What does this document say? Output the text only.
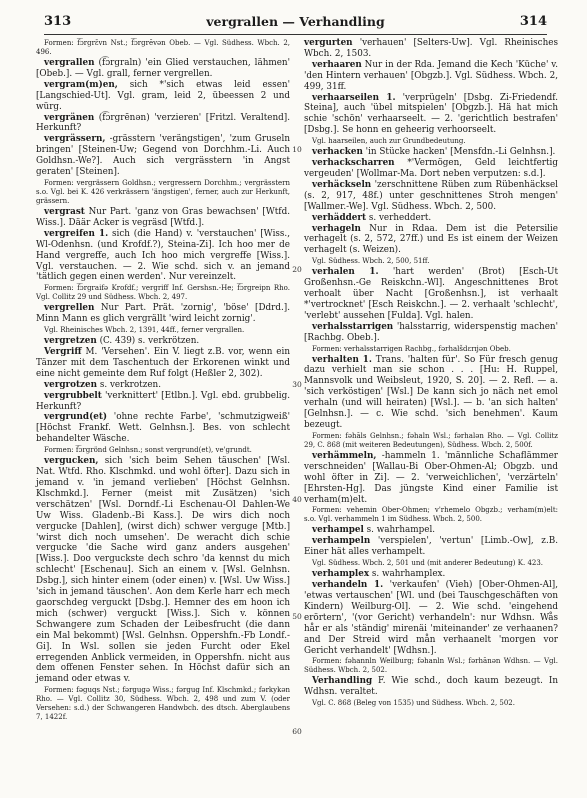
313	vergrallen — Verhandling	314

Formen: f͡ɔrgrɛ̄vn Nst.; f͡ɔrgrēvən Obeb. — Vgl. Südhess. Wbch. 2, 496.

vergrallen (f͡ɔrgraln) 'ein Glied verstauchen, lähmen' [Obeb.]. — Vgl. grall, ferner vergrellen.

vergram(m)en, sich *'sich etwas leid essen' [Langschied-Ut]. Vgl. gram, leid 2, übeessen 2 und würg.

vergränen (f͡ɔrgrēnən) 'verzieren' [Fritzl. Veraltend]. Herkunft?

vergrässern, -grässtern 'verängstigen', 'zum Gruseln bringen' [Steinen-Uw; Gegend von Dorchhm.-Li. Auch Goldhsn.-We?]. Auch sich vergrässtern 'in Angst geraten' [Steinen].

Formen: vergrässern Goldhsn.; vergressern Dorchhm.; vergrässtern s.o. Vgl. bei K. 426 verkrässern 'ängstigen', ferner, auch zur Herkunft, grässern.

vergrast Nur Part. 'ganz von Gras bewachsen' [Wtfd. Wiss.]. Däär Acker is vegräsd [Wtfd.].

vergreifen 1. sich (die Hand) v. 'verstauchen' [Wiss., Wl-Odenhsn. (und Krofdf.?), Steina-Zi]. Ich hoo mer de Hand vergreffe, auch Ich hoo mich vergreffe [Wiss.]. Vgl. verstauchen. — 2. Wie schd. sich v. an jemand 'tätlich gegen einen werden'. Nur vereinzelt.

Formen: f͡ɔrgraifə Krofdf.; vergriff Inf. Gershsn.-He; f͡ɔrgreipn Rho. Vgl. Collitz 29 und Südhess. Wbch. 2, 497.

vergrellen Nur Part. Prät. 'zornig', 'böse' [Ddrd.]. Minn Mann es glich vergrällt 'wird leicht zornig'.

Vgl. Rheinisches Wbch. 2, 1391, 44ff., ferner vergrallen.

vergretzen (C. 439) s. verkrötzen.

Vergriff M. 'Versehen'. Ein V. liegt z.B. vor, wenn ein Tänzer mit dem Taschentuch der Erkorenen winkt und eine nicht gemeinte dem Ruf folgt (Heßler 2, 302).

vergrotzen s. verkrotzen.

vergrubbelt 'verknittert' [Etlbn.]. Vgl. ebd. grubbelig. Herkunft?

vergrund(et) 'ohne rechte Farbe', 'schmutzigweiß' [Höchst Frankf. Wett. Gelnhsn.]. Bes. von schlecht behandelter Wäsche.

Formen: f͡ɔrgrönd Gelnhsn.; sonst vergrund(et), ve'grundt.

vergucken, sich 'sich beim Sehen täuschen' [Wsl. Nat. Wtfd. Rho. Klschmkd. und wohl öfter]. Dazu sich in jemand v. 'in jemand verlieben' [Höchst Gelnhsn. Klschmkd.]. Ferner (meist mit Zusätzen) 'sich verschätzen' [Wsl. Dorndf.-Li Eschenau-Ol Dahlen-We Uw Wiss. Gladenb.-Bi Kass.]. De wirs dich noch vergucke [Dahlen], (wirst dich) schwer verguge [Mtb.] 'wirst dich noch umsehen'. De weracht dich schie vergucke 'die Sache wird ganz anders ausgehen' [Wiss.]. Doo verguckste dech schro 'da kennst du mich schlecht' [Eschenau]. Sich an einem v. [Wsl. Gelnhsn. Dsbg.], sich hinter einem (oder einen) v. [Wsl. Uw Wiss.] 'sich in jemand täuschen'. Aon dem Kerle harr ech mech gaorschdeg verguckt [Dsbg.]. Hemner des em hoon ich mich (schwer) verguckt [Wiss.]. Sich v. können Schwangere zum Schaden der Leibesfrucht (die dann ein Mal bekommt) [Wsl. Gelnhsn. Oppershfn.-Fb Londf.-Gi]. In Wsl. sollen sie jeden Furcht oder Ekel erregenden Anblick vermeiden, in Oppershfn. nicht aus dem offenen Fenster sehen. In Höchst dafür sich an jemand oder etwas v.

Formen: fəguqs Nst.; fərgugə Wiss.; fərgug Inf. Klschmkd.; fərkykən Rho. — Vgl. Collitz 30, Südhess. Wbch. 2, 498 und zum V. (oder Versehen: s.d.) der Schwangeren Handwbch. des dtsch. Aberglaubens 7, 1422f.

vergurten 'verhauen' [Selters-Uw]. Vgl. Rheinisches Wbch. 2, 1503.

verhaaren Nur in der Rda. Jemand die Kech 'Küche' v. 'den Hintern verhauen' [Obgzb.]. Vgl. Südhess. Wbch. 2, 499, 31ff.

verhaarseilen 1. 'verprügeln' [Dsbg. Zi-Friedendf. Steina], auch 'übel mitspielen' [Obgzb.]. Hä hat mich schie 'schön' verhaarseelt. — 2. 'gerichtlich bestrafen' [Dsbg.]. Se honn en geheerig verhoorseelt.

Vgl. haarseilen, auch zur Grundbedeutung.

verhacken 'in Stücke hacken' [Mensfdn.-Li Gelnhsn.].

verhackscharren *'Vermögen, Geld leichtfertig vergeuden' [Wollmar-Ma. Dort neben verputzen: s.d.].

verhäckseln 'zerschnittene Rüben zum Rübenhäcksel (s. 2, 917, 48f.) unter geschnittenes Stroh mengen' [Wallmer.-We]. Vgl. Südhess. Wbch. 2, 500.

verhäddert s. verheddert.

verhageln Nur in Rdaa. Dem ist die Petersilie verhagelt (s. 2, 572, 27ff.) und Es ist einem der Weizen verhagelt (s. Weizen).

Vgl. Südhess. Wbch. 2, 500, 51ff.

verhalen 1. 'hart werden' (Brot) [Esch-Ut Großenhsn.-Ge Reiskchn.-Wl]. Angeschnittenes Brot verhoalt über Nacht [Großenhsn.], ist verhaalt *'vertrocknet' [Esch Reiskchn.]. — 2. verhaalt 'schlecht', 'verlebt' aussehen [Fulda]. Vgl. halen.

verhalsstarrigen 'halsstarrig, widerspenstig machen' [Rachbg. Obeb.].

Formen: verhalsstarrigen Rachbg., fərhalšdɛrɪjən Obeb.

verhalten 1. Trans. 'halten für'. So Für fresch genug dazu verhielt man sie schon . . . [Hu: H. Ruppel, Mannsvolk und Weibsleut, 1920, S. 20]. — 2. Refl. — a. 'sich verköstigen' [Wsl.] De kann sich jo näch net emol verhaln (und will heiraten) [Wsl.]. — b. 'an sich halten' [Gelnhsn.]. — c. Wie schd. 'sich benehmen'. Kaum bezeugt.

Formen: fəhāls Gelnhsn.; fəhaln Wsl.; fərhalən Rho. — Vgl. Collitz 29, C. 868 (mit weiteren Bedeutungen), Südhess. Wbch. 2, 500f.

verhämmeln, -hammeln 1. 'männliche Schaflämmer verschneiden' [Wallau-Bi Ober-Ohmen-Al; Obgzb. und wohl öfter in Zi]. — 2. 'verweichlichen', 'verzärteln' [Ehrsten-Hg]. Das jüngste Kind einer Familie ist verham(m)elt.

Formen: vehemin Ober-Ohmen; v'rhemelo Obgzb.; verham(m)elt: s.o. Vgl. verhammeln 1 im Südhess. Wbch. 2, 500.

verhampel s. wahrhampel.

verhampeln 'verspielen', 'vertun' [Limb.-Ow], z.B. Einer hät alles verhampelt.

Vgl. Südhess. Wbch. 2, 501 und (mit anderer Bedeutung) K. 423.

verhamplex s. wahrhamplex.

verhandeln 1. 'verkaufen' (Vieh) [Ober-Ohmen-Al], 'etwas vertauschen' [Wl. und (bei Tauschgeschäften von Kindern) Weilburg-Ol]. — 2. Wie schd. 'eingehend erörtern', '(vor Gericht) verhandeln': nur Wdhsn. Wås hår er als 'ständig' mirenäi 'miteinander' ze verhaanen? and Der Streid wird mån verhaanelt 'morgen vor Gericht verhandelt' [Wdhsn.].

Formen: fəhannln Weilburg; fəhanln Wsl.; fərhānən Wdhsn. — Vgl. Südhess. Wbch. 2, 502.

Verhandling F. Wie schd., doch kaum bezeugt. In Wdhsn. veraltet.

Vgl. C. 868 (Beleg von 1535) und Südhess. Wbch. 2, 502.

10
20
30
40
50
60
